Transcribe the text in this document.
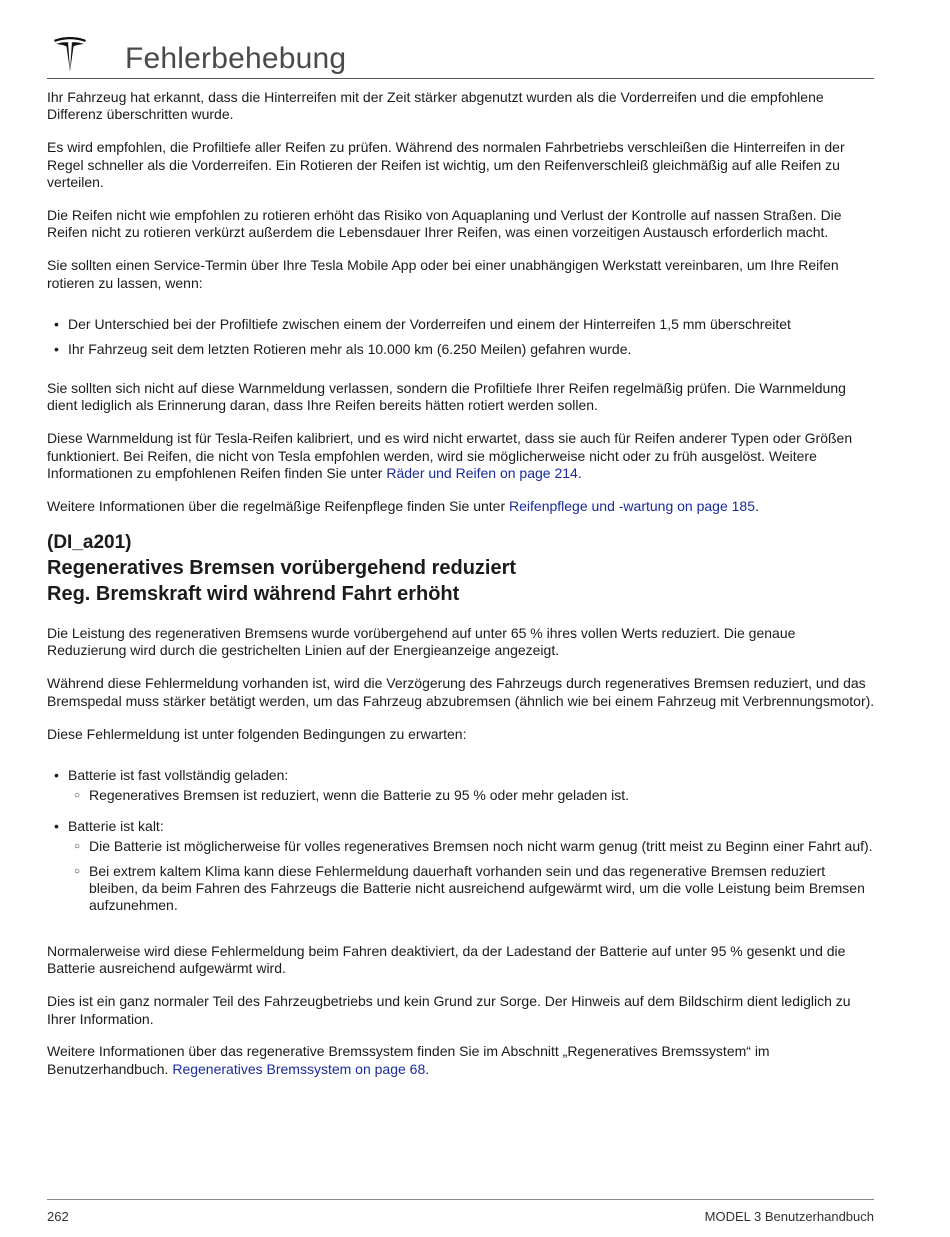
Fehlerbehebung

Ihr Fahrzeug hat erkannt, dass die Hinterreifen mit der Zeit stärker abgenutzt wurden als die Vorderreifen und die empfohlene Differenz überschritten wurde.

Es wird empfohlen, die Profiltiefe aller Reifen zu prüfen. Während des normalen Fahrbetriebs verschleißen die Hinterreifen in der Regel schneller als die Vorderreifen. Ein Rotieren der Reifen ist wichtig, um den Reifenverschleiß gleichmäßig auf alle Reifen zu verteilen.

Die Reifen nicht wie empfohlen zu rotieren erhöht das Risiko von Aquaplaning und Verlust der Kontrolle auf nassen Straßen. Die Reifen nicht zu rotieren verkürzt außerdem die Lebensdauer Ihrer Reifen, was einen vorzeitigen Austausch erforderlich macht.

Sie sollten einen Service-Termin über Ihre Tesla Mobile App oder bei einer unabhängigen Werkstatt vereinbaren, um Ihre Reifen rotieren zu lassen, wenn:

• Der Unterschied bei der Profiltiefe zwischen einem der Vorderreifen und einem der Hinterreifen 1,5 mm überschreitet
• Ihr Fahrzeug seit dem letzten Rotieren mehr als 10.000 km (6.250 Meilen) gefahren wurde.

Sie sollten sich nicht auf diese Warnmeldung verlassen, sondern die Profiltiefe Ihrer Reifen regelmäßig prüfen. Die Warnmeldung dient lediglich als Erinnerung daran, dass Ihre Reifen bereits hätten rotiert werden sollen.

Diese Warnmeldung ist für Tesla-Reifen kalibriert, und es wird nicht erwartet, dass sie auch für Reifen anderer Typen oder Größen funktioniert. Bei Reifen, die nicht von Tesla empfohlen werden, wird sie möglicherweise nicht oder zu früh ausgelöst. Weitere Informationen zu empfohlenen Reifen finden Sie unter Räder und Reifen on page 214.

Weitere Informationen über die regelmäßige Reifenpflege finden Sie unter Reifenpflege und -wartung on page 185.

(DI_a201)
Regeneratives Bremsen vorübergehend reduziert
Reg. Bremskraft wird während Fahrt erhöht

Die Leistung des regenerativen Bremsens wurde vorübergehend auf unter 65 % ihres vollen Werts reduziert. Die genaue Reduzierung wird durch die gestrichelten Linien auf der Energieanzeige angezeigt.

Während diese Fehlermeldung vorhanden ist, wird die Verzögerung des Fahrzeugs durch regeneratives Bremsen reduziert, und das Bremspedal muss stärker betätigt werden, um das Fahrzeug abzubremsen (ähnlich wie bei einem Fahrzeug mit Verbrennungsmotor).

Diese Fehlermeldung ist unter folgenden Bedingungen zu erwarten:

• Batterie ist fast vollständig geladen:
○ Regeneratives Bremsen ist reduziert, wenn die Batterie zu 95 % oder mehr geladen ist.
• Batterie ist kalt:
○ Die Batterie ist möglicherweise für volles regeneratives Bremsen noch nicht warm genug (tritt meist zu Beginn einer Fahrt auf).
○ Bei extrem kaltem Klima kann diese Fehlermeldung dauerhaft vorhanden sein und das regenerative Bremsen reduziert bleiben, da beim Fahren des Fahrzeugs die Batterie nicht ausreichend aufgewärmt wird, um die volle Leistung beim Bremsen aufzunehmen.

Normalerweise wird diese Fehlermeldung beim Fahren deaktiviert, da der Ladestand der Batterie auf unter 95 % gesenkt und die Batterie ausreichend aufgewärmt wird.

Dies ist ein ganz normaler Teil des Fahrzeugbetriebs und kein Grund zur Sorge. Der Hinweis auf dem Bildschirm dient lediglich zu Ihrer Information.

Weitere Informationen über das regenerative Bremssystem finden Sie im Abschnitt „Regeneratives Bremssystem“ im Benutzerhandbuch. Regeneratives Bremssystem on page 68.

262	MODEL 3 Benutzerhandbuch
